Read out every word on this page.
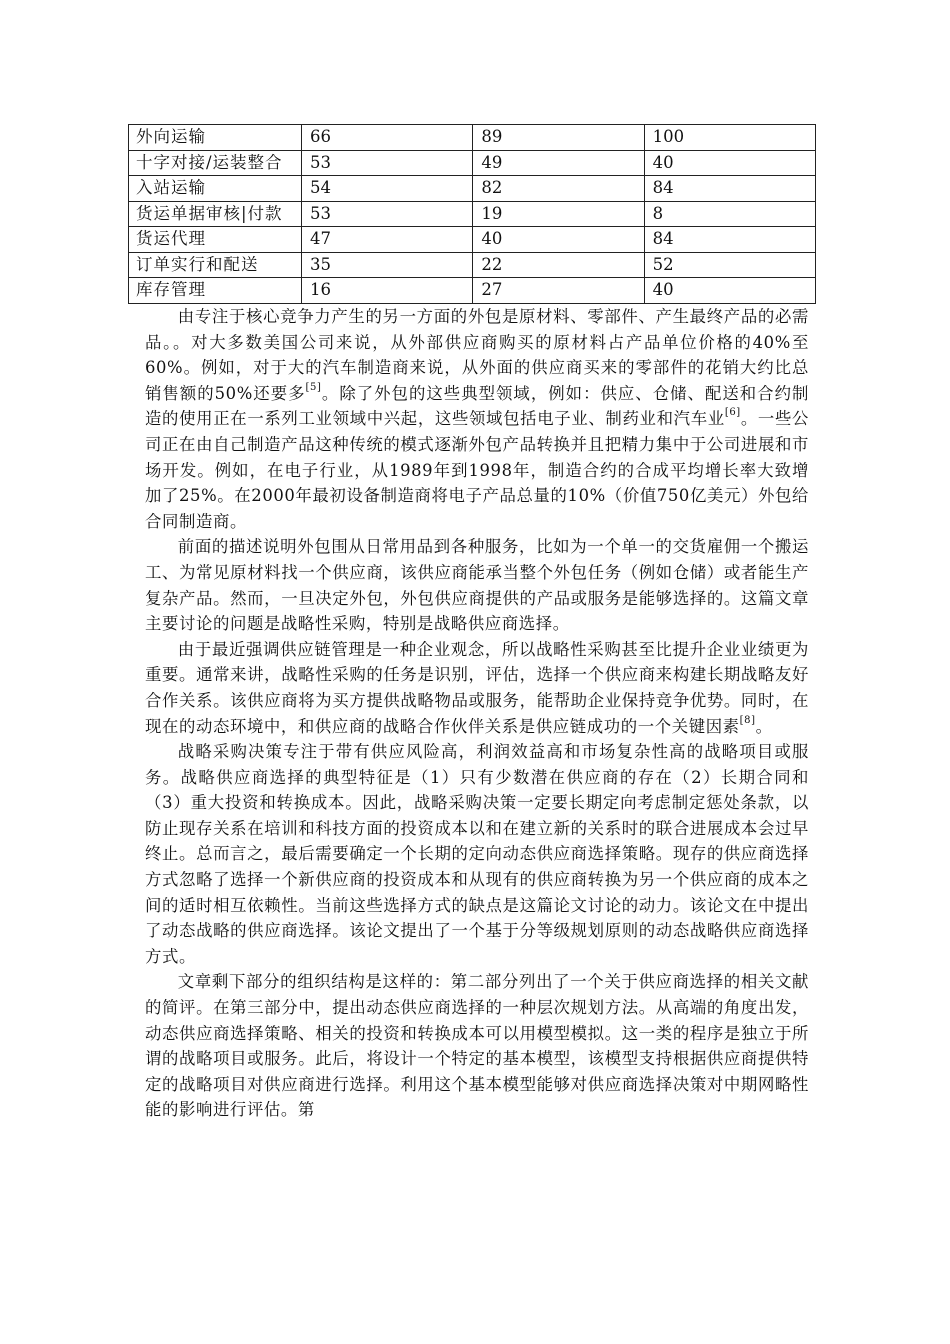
外向运输	66	89	100
十字对接/运装整合	53	49	40
入站运输	54	82	84
货运单据审核|付款	53	19	8
货运代理	47	40	84
订单实行和配送	35	22	52
库存管理	16	27	40

由专注于核心竞争力产生的另一方面的外包是原材料、零部件、产生最终产品的必需品。。对大多数美国公司来说，从外部供应商购买的原材料占产品单位价格的40%至60%。例如，对于大的汽车制造商来说，从外面的供应商买来的零部件的花销大约比总销售额的50%还要多[5]。除了外包的这些典型领域，例如：供应、仓储、配送和合约制造的使用正在一系列工业领域中兴起，这些领域包括电子业、制药业和汽车业[6]。一些公司正在由自己制造产品这种传统的模式逐渐外包产品转换并且把精力集中于公司进展和市场开发。例如，在电子行业，从1989年到1998年，制造合约的合成平均增长率大致增加了25%。在2000年最初设备制造商将电子产品总量的10%（价值750亿美元）外包给合同制造商。

前面的描述说明外包围从日常用品到各种服务，比如为一个单一的交货雇佣一个搬运工、为常见原材料找一个供应商，该供应商能承当整个外包任务（例如仓储）或者能生产复杂产品。然而，一旦决定外包，外包供应商提供的产品或服务是能够选择的。这篇文章主要讨论的问题是战略性采购，特别是战略供应商选择。

由于最近强调供应链管理是一种企业观念，所以战略性采购甚至比提升企业业绩更为重要。通常来讲，战略性采购的任务是识别，评估，选择一个供应商来构建长期战略友好合作关系。该供应商将为买方提供战略物品或服务，能帮助企业保持竞争优势。同时，在现在的动态环境中，和供应商的战略合作伙伴关系是供应链成功的一个关键因素[8]。

战略采购决策专注于带有供应风险高，利润效益高和市场复杂性高的战略项目或服务。战略供应商选择的典型特征是（1）只有少数潜在供应商的存在（2）长期合同和（3）重大投资和转换成本。因此，战略采购决策一定要长期定向考虑制定惩处条款，以防止现存关系在培训和科技方面的投资成本以和在建立新的关系时的联合进展成本会过早终止。总而言之，最后需要确定一个长期的定向动态供应商选择策略。现存的供应商选择方式忽略了选择一个新供应商的投资成本和从现有的供应商转换为另一个供应商的成本之间的适时相互依赖性。当前这些选择方式的缺点是这篇论文讨论的动力。该论文在中提出了动态战略的供应商选择。该论文提出了一个基于分等级规划原则的动态战略供应商选择方式。

文章剩下部分的组织结构是这样的：第二部分列出了一个关于供应商选择的相关文献的简评。在第三部分中，提出动态供应商选择的一种层次规划方法。从高端的角度出发，动态供应商选择策略、相关的投资和转换成本可以用模型模拟。这一类的程序是独立于所谓的战略项目或服务。此后，将设计一个特定的基本模型，该模型支持根据供应商提供特定的战略项目对供应商进行选择。利用这个基本模型能够对供应商选择决策对中期网略性能的影响进行评估。第
